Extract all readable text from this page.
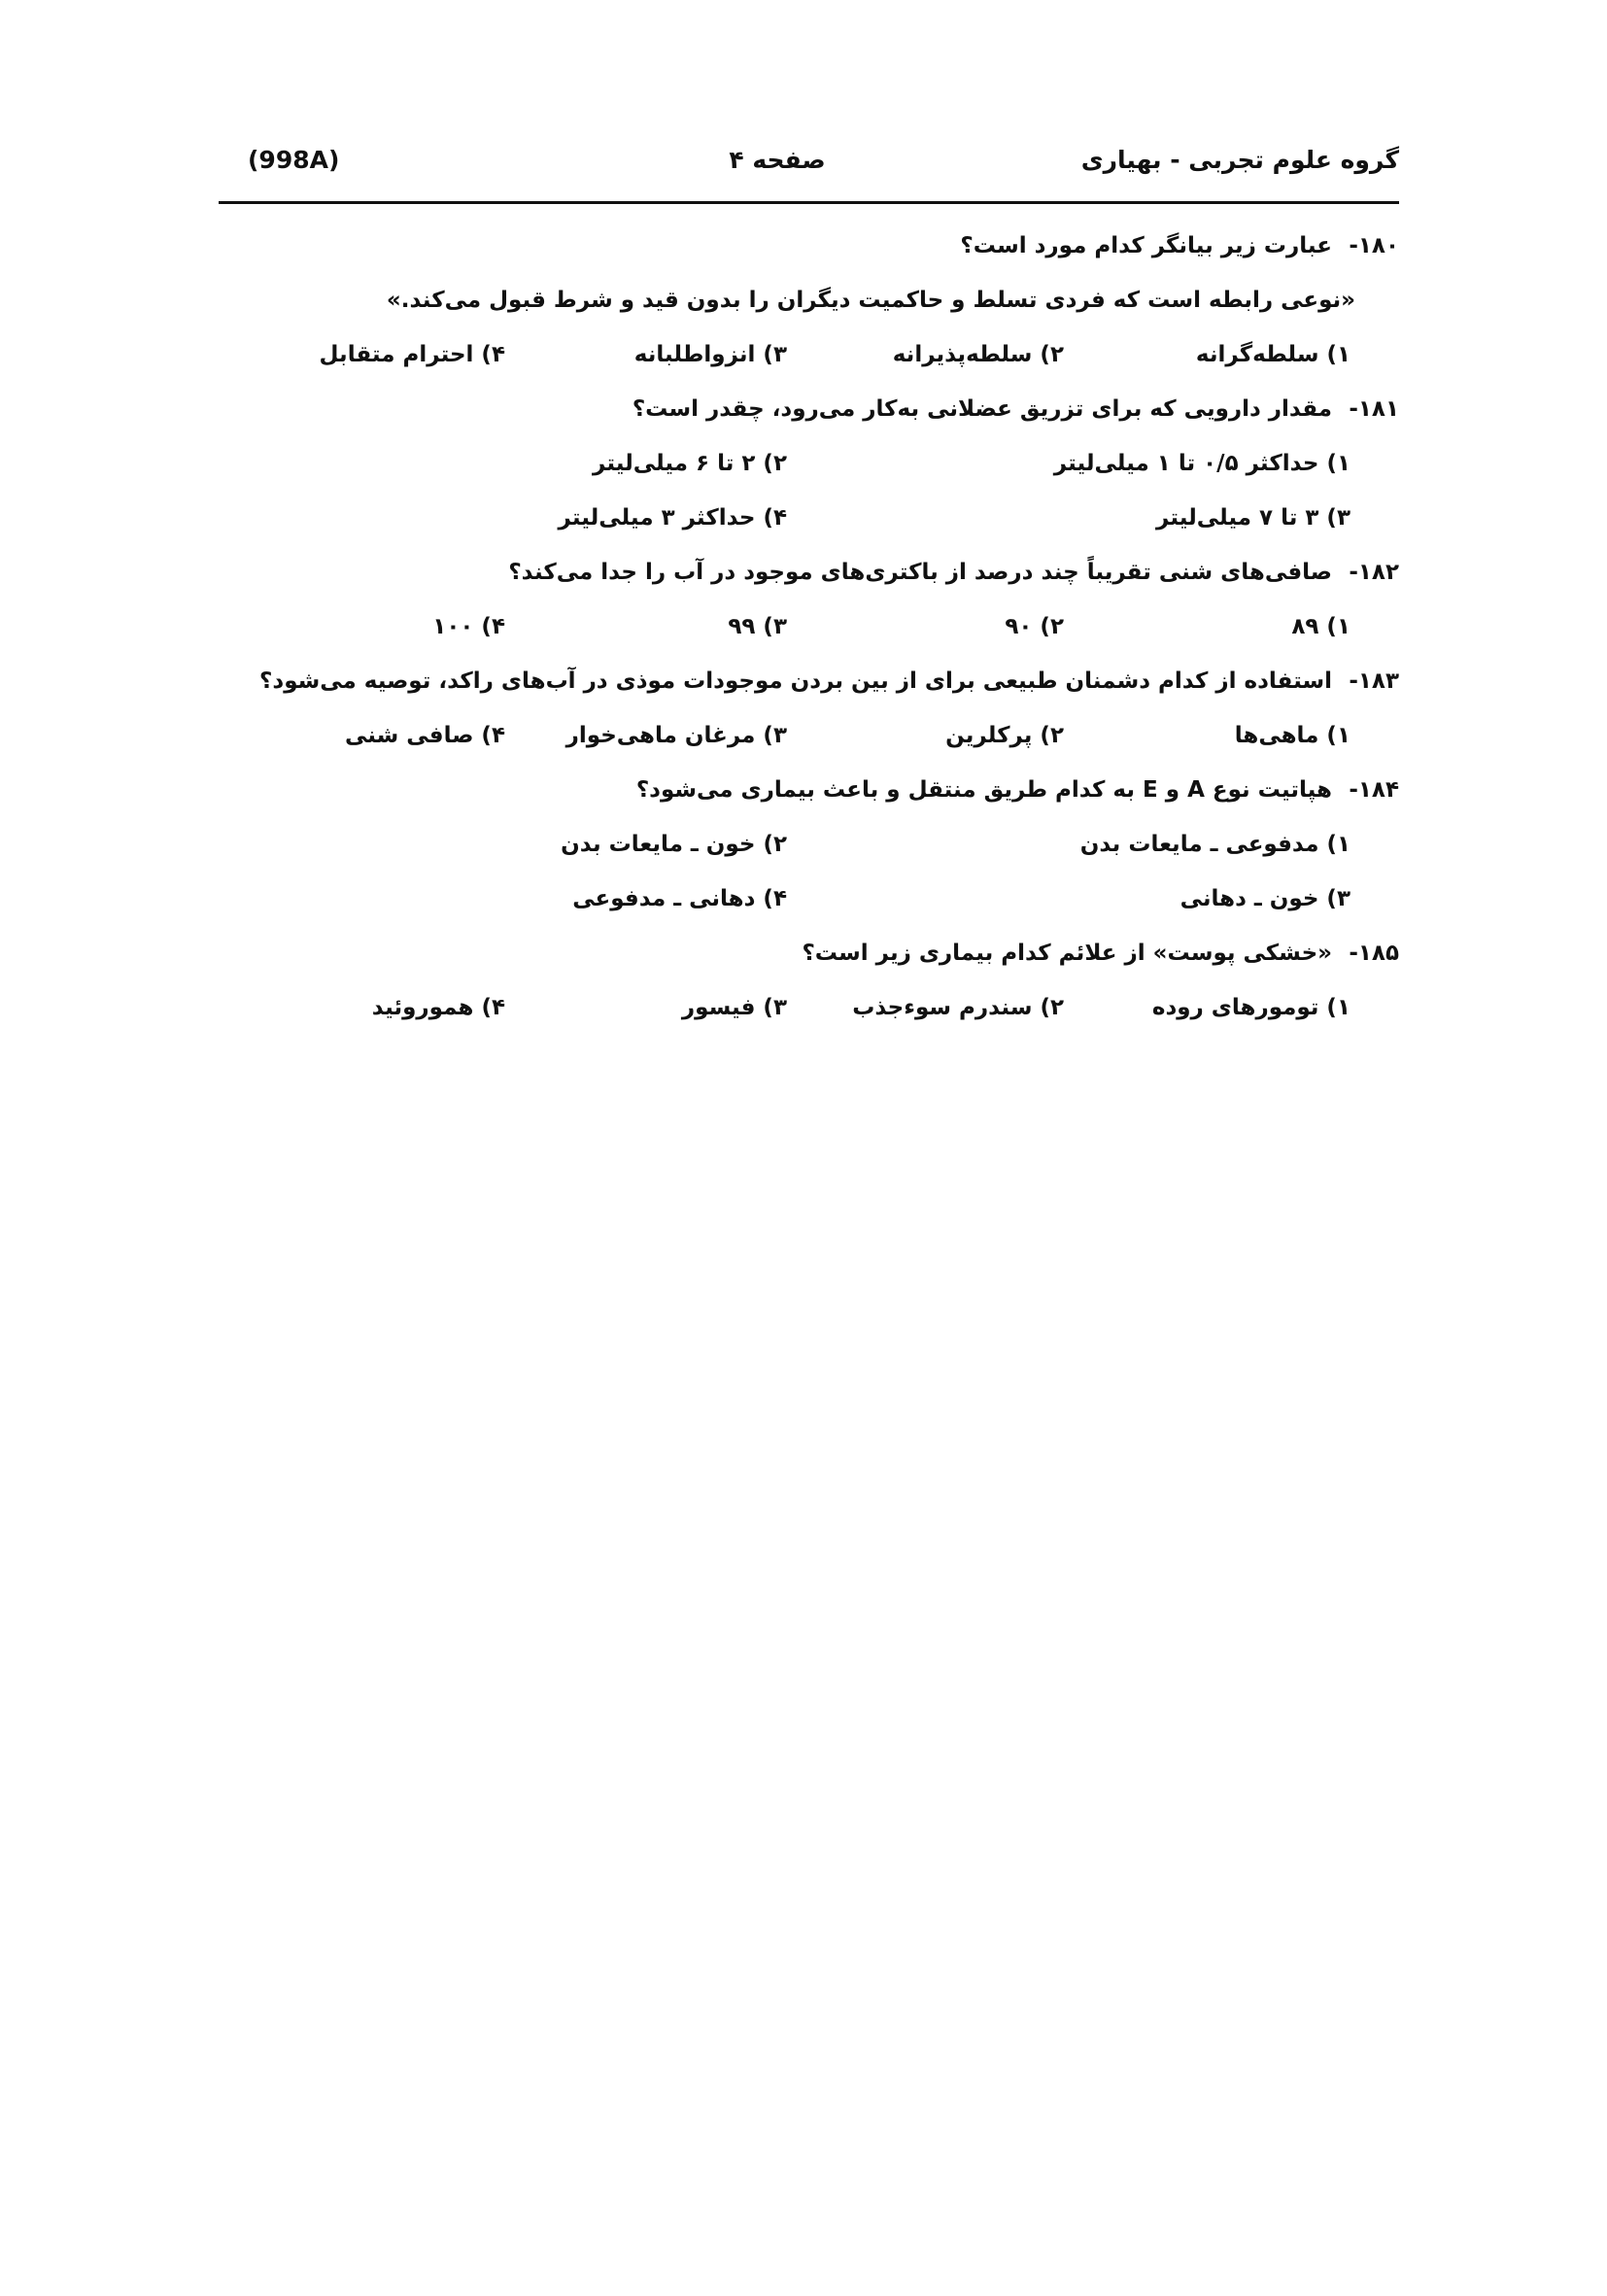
گروه علوم تجربی - بهیاری
صفحه ۴
(998A)
۱۸۰- عبارت زیر بیانگر کدام مورد است؟
«نوعی رابطه است که فردی تسلط و حاکمیت دیگران را بدون قید و شرط قبول می‌کند.»
۱) سلطه‌گرانه
۲) سلطه‌پذیرانه
۳) انزواطلبانه
۴) احترام متقابل
۱۸۱- مقدار دارویی که برای تزریق عضلانی به‌کار می‌رود، چقدر است؟
۱) حداکثر ۰/۵ تا ۱ میلی‌لیتر
۲) ۲ تا ۶ میلی‌لیتر
۳) ۳ تا ۷ میلی‌لیتر
۴) حداکثر ۳ میلی‌لیتر
۱۸۲- صافی‌های شنی تقریباً چند درصد از باکتری‌های موجود در آب را جدا می‌کند؟
۱) ۸۹
۲) ۹۰
۳) ۹۹
۴) ۱۰۰
۱۸۳- استفاده از کدام دشمنان طبیعی برای از بین بردن موجودات موذی در آب‌های راکد، توصیه می‌شود؟
۱) ماهی‌ها
۲) پرکلرین
۳) مرغان ماهی‌خوار
۴) صافی شنی
۱۸۴- هپاتیت نوع A و E به کدام طریق منتقل و باعث بیماری می‌شود؟
۱) مدفوعی ـ مایعات بدن
۲) خون ـ مایعات بدن
۳) خون ـ دهانی
۴) دهانی ـ مدفوعی
۱۸۵- «خشکی پوست» از علائم کدام بیماری زیر است؟
۱) تومورهای روده
۲) سندرم سوءجذب
۳) فیسور
۴) هموروئید
